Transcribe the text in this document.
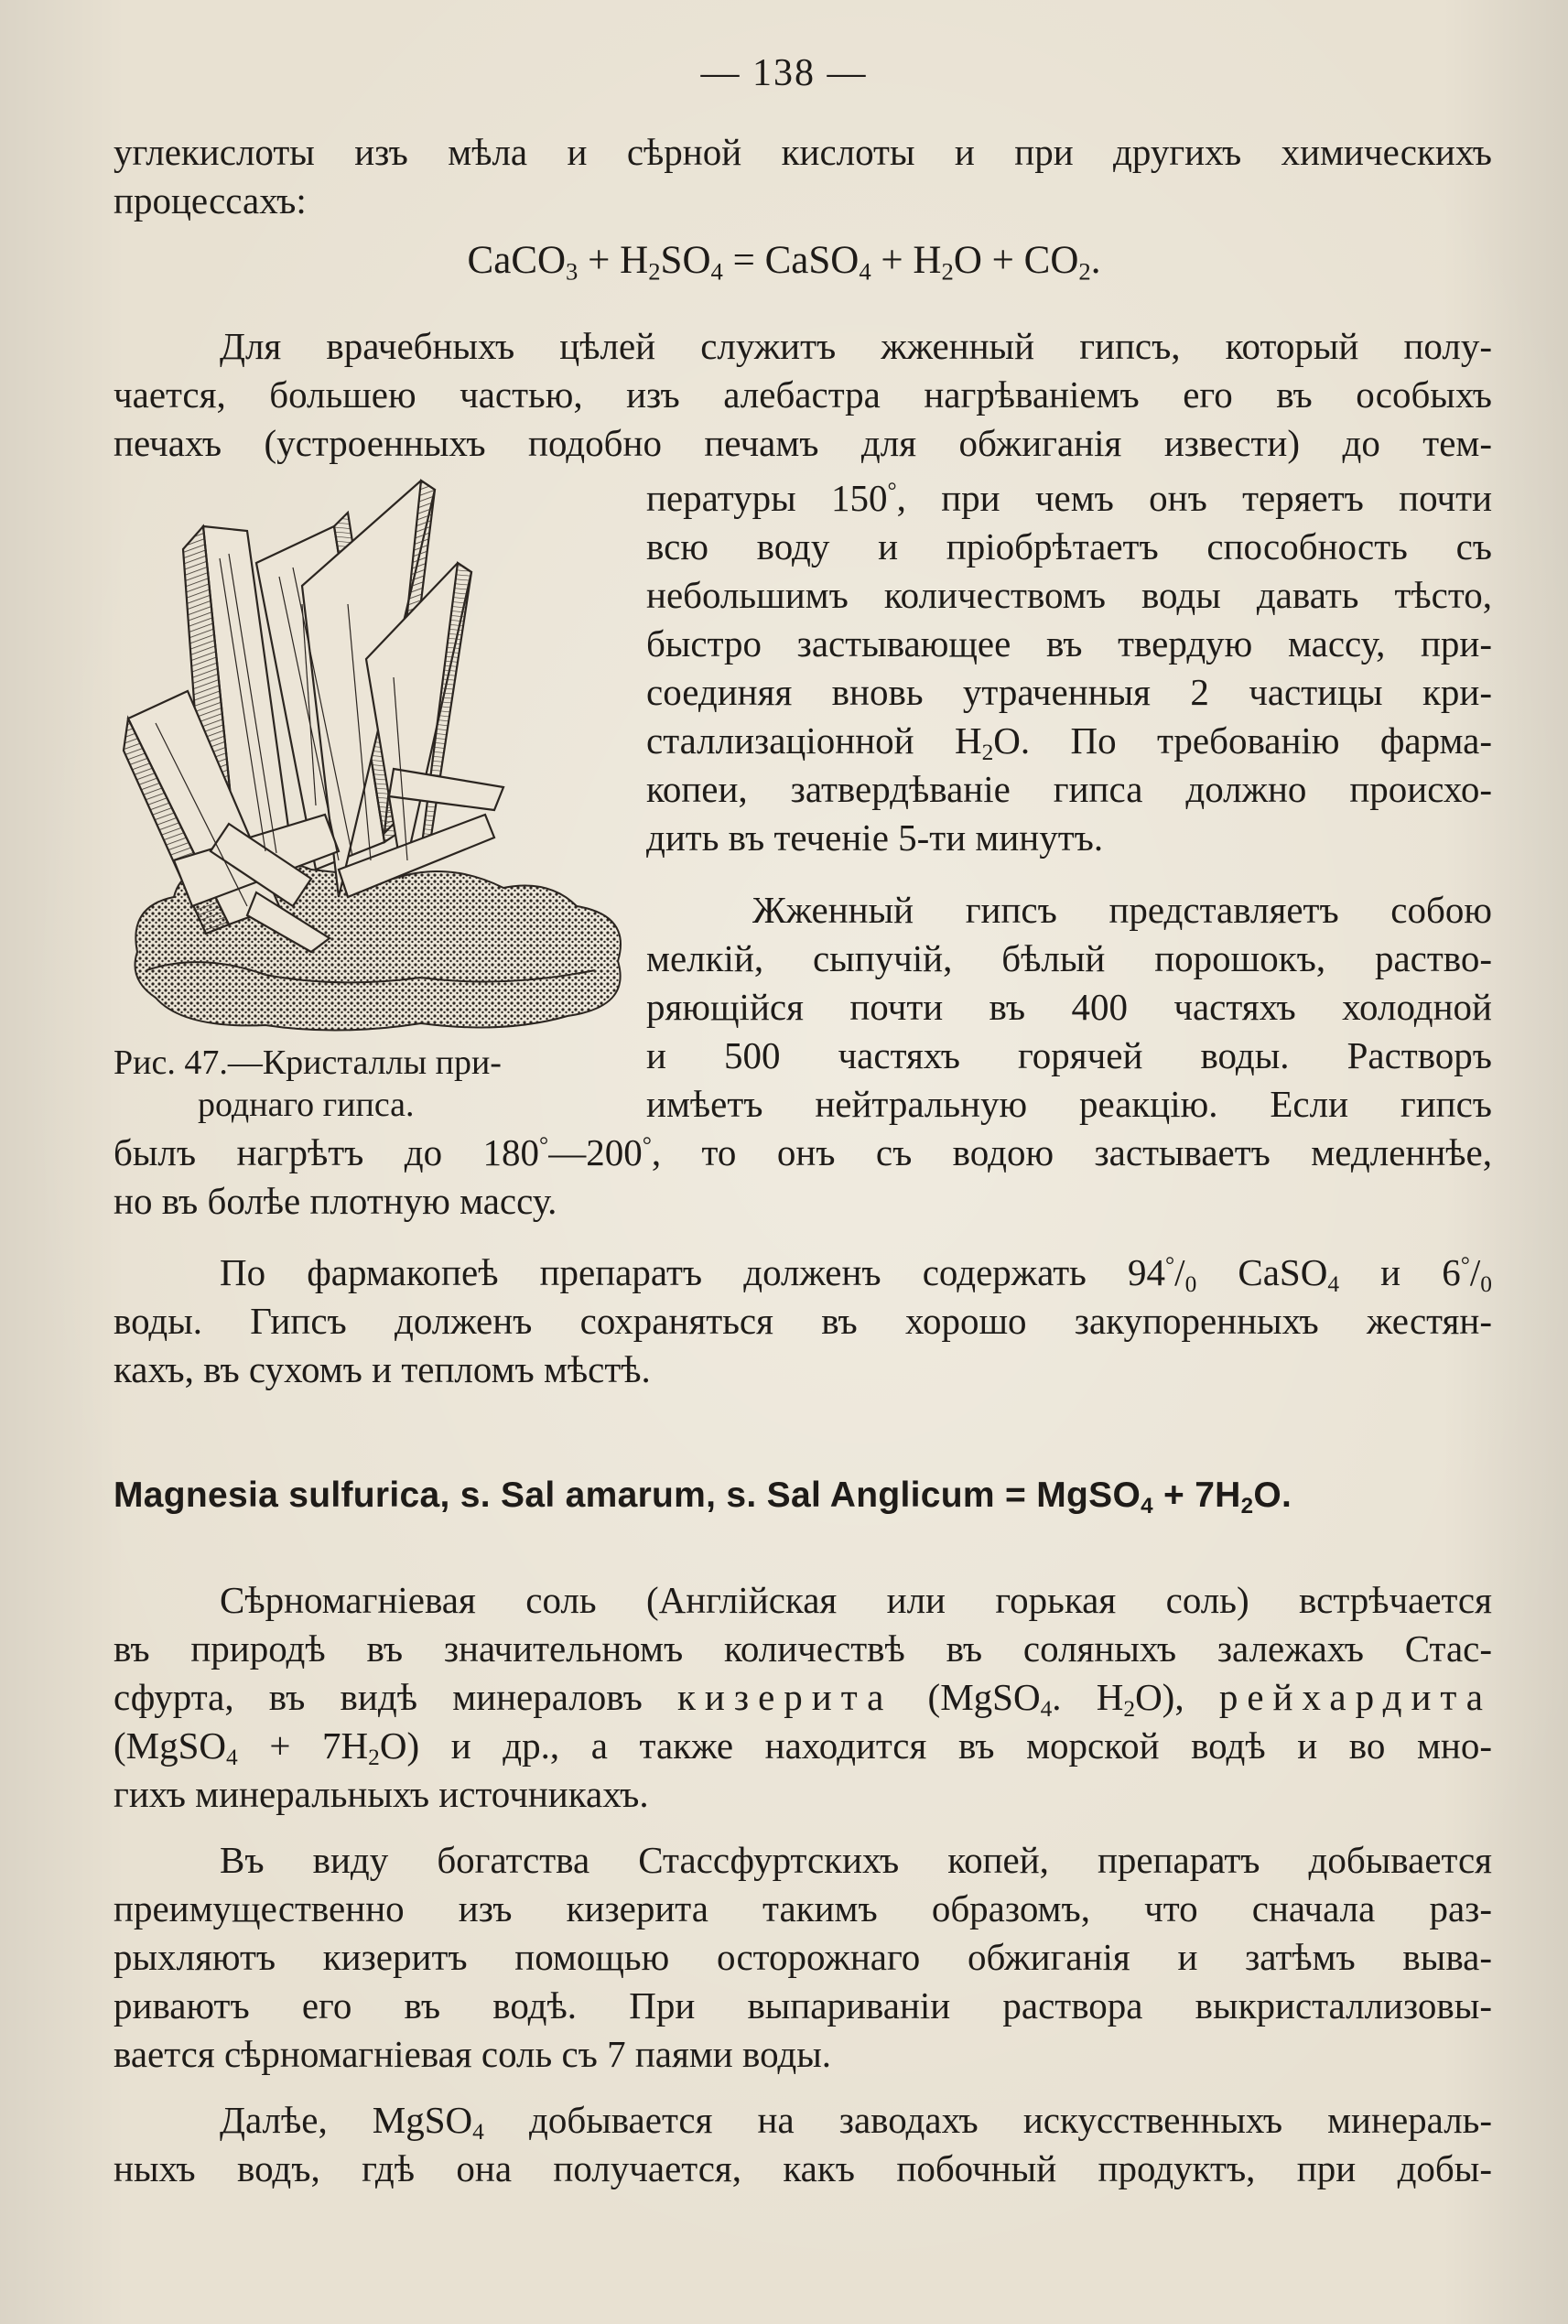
— 138 —
углекислоты изъ мѣла и сѣрной кислоты и при другихъ химическихъ
процессахъ:
CaCO$_3$ + $H_2SO_4$ = CaSO$_4$ + $H_2O + CO_2$.
Для врачебныхъ цѣлей служитъ жженный гипсъ, который полу-
чается, большею частью, изъ алебастра нагрѣваніемъ его въ особыхъ
печахъ (устроенныхъ подобно печамъ для обжиганія извести) до тем-
пературы 150°, при чемъ онъ теряетъ почти
всю воду и пріобрѣтаетъ способность съ
небольшимъ количествомъ воды давать тѣсто,
быстро застывающее въ твердую массу, при-
соединяя вновь утраченныя 2 частицы кри-
сталлизаціонной $H_2O$. По требованію фарма-
копеи, затвердѣваніе гипса должно происхо-
дить въ теченіе 5-ти минутъ.
Жженный гипсъ представляетъ собою
мелкій, сыпучій, бѣлый порошокъ, раство-
ряющійся почти въ 400 частяхъ холодной
и 500 частяхъ горячей воды. Растворъ
имѣетъ нейтральную реакцію. Если гипсъ
Рис. 47.—Кристаллы при-
роднаго гипса.
былъ нагрѣтъ до 180°—200°, то онъ съ водою застываетъ медленнѣе,
но въ болѣе плотную массу.
По фармакопеѣ препаратъ долженъ содержать $94^\circ/_0$ CaSO$_4$ и $6^\circ/_0$
воды. Гипсъ долженъ сохраняться въ хорошо закупоренныхъ жестян-
кахъ, въ сухомъ и тепломъ мѣстѣ.
Magnesia sulfurica, s. Sal amarum, s. Sal Anglicum = MgSO$_4$ + $7H_2O$.
Сѣрномагніевая соль (Англійская или горькая соль) встрѣчается
въ природѣ въ значительномъ количествѣ въ соляныхъ залежахъ Стас-
сфурта, въ видѣ минераловъ кизерита (MgSO$_4$. $H_2O$), рейхардита
(MgSO$_4$ + $7H_2O$) и др., а также находится въ морской водѣ и во мно-
гихъ минеральныхъ источникахъ.
Въ виду богатства Стассфуртскихъ копей, препаратъ добывается
преимущественно изъ кизерита такимъ образомъ, что сначала раз-
рыхляютъ кизеритъ помощью осторожнаго обжиганія и затѣмъ выва-
риваютъ его въ водѣ. При выпариваніи раствора выкристаллизовы-
вается сѣрномагніевая соль съ 7 паями воды.
Далѣе, MgSO$_4$ добывается на заводахъ искусственныхъ минераль-
ныхъ водъ, гдѣ она получается, какъ побочный продуктъ, при добы-
